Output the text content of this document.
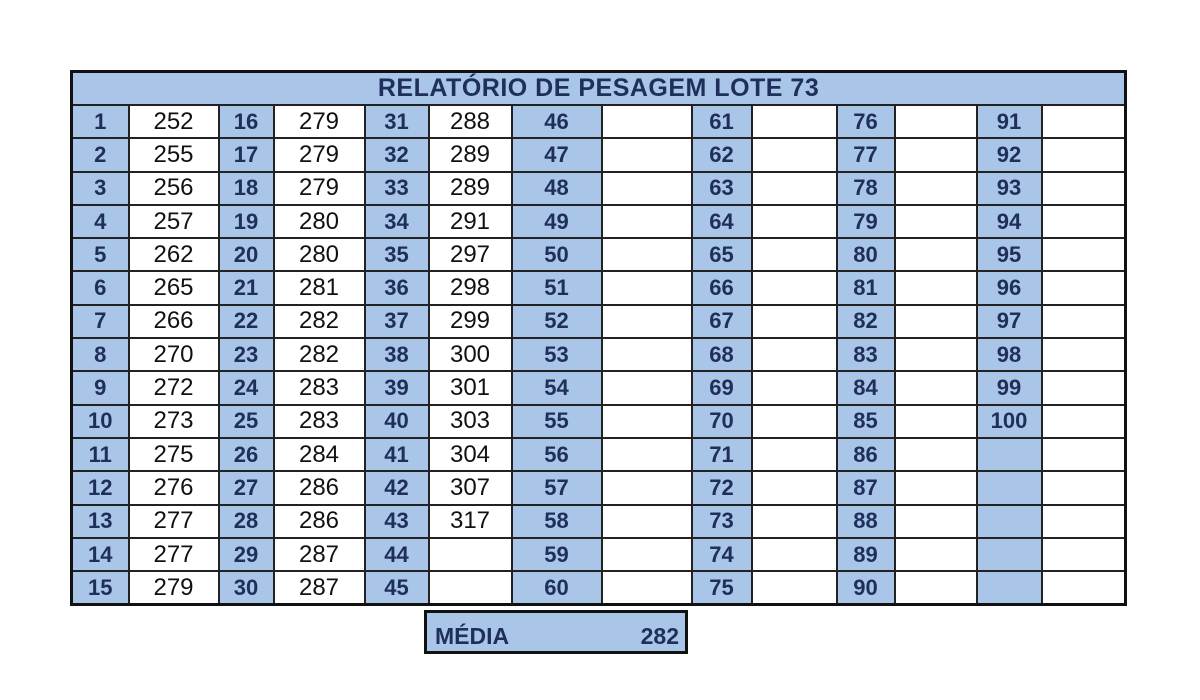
RELATÓRIO DE PESAGEM LOTE 73													
1	252	16	279	31	288	46		61		76		91	
2	255	17	279	32	289	47		62		77		92	
3	256	18	279	33	289	48		63		78		93	
4	257	19	280	34	291	49		64		79		94	
5	262	20	280	35	297	50		65		80		95	
6	265	21	281	36	298	51		66		81		96	
7	266	22	282	37	299	52		67		82		97	
8	270	23	282	38	300	53		68		83		98	
9	272	24	283	39	301	54		69		84		99	
10	273	25	283	40	303	55		70		85		100	
11	275	26	284	41	304	56		71		86			
12	276	27	286	42	307	57		72		87			
13	277	28	286	43	317	58		73		88			
14	277	29	287	44		59		74		89			
15	279	30	287	45		60		75		90			
MÉDIA	282
